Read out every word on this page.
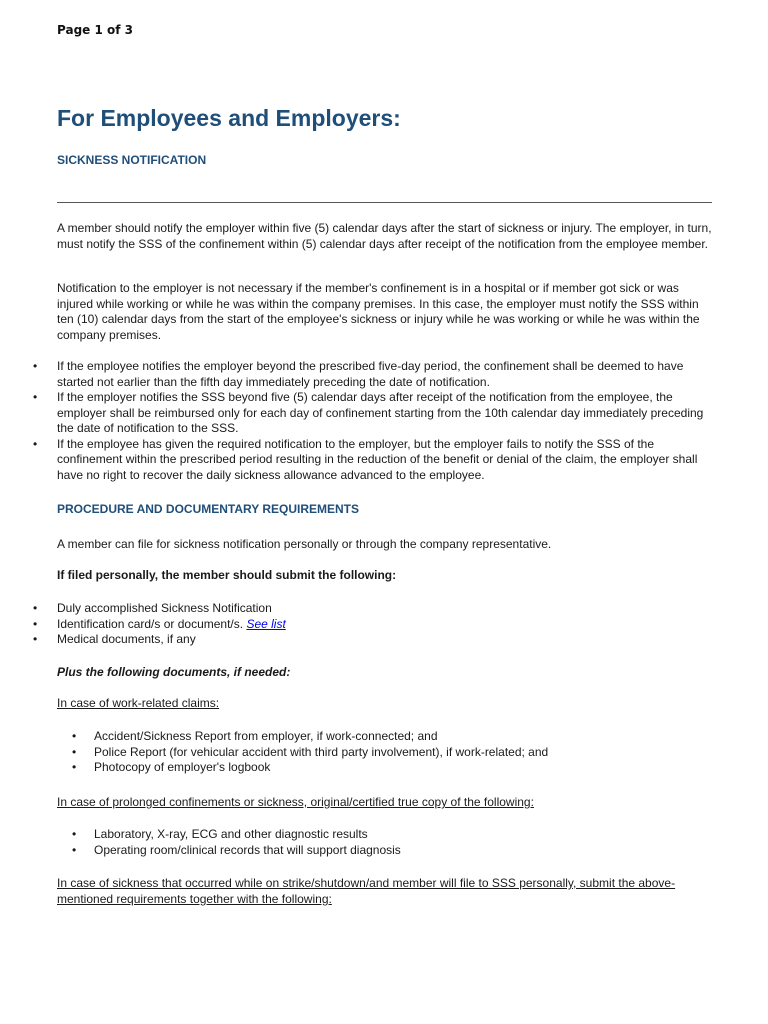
Page 1 of 3
For Employees and Employers:
SICKNESS NOTIFICATION

A member should notify the employer within five (5) calendar days after the start of sickness or injury. The employer, in turn, must notify the SSS of the confinement within (5) calendar days after receipt of the notification from the employee member.

Notification to the employer is not necessary if the member's confinement is in a hospital or if member got sick or was injured while working or while he was within the company premises. In this case, the employer must notify the SSS within ten (10) calendar days from the start of the employee's sickness or injury while he was working or while he was within the company premises.

• If the employee notifies the employer beyond the prescribed five-day period, the confinement shall be deemed to have started not earlier than the fifth day immediately preceding the date of notification.
• If the employer notifies the SSS beyond five (5) calendar days after receipt of the notification from the employee, the employer shall be reimbursed only for each day of confinement starting from the 10th calendar day immediately preceding the date of notification to the SSS.
• If the employee has given the required notification to the employer, but the employer fails to notify the SSS of the confinement within the prescribed period resulting in the reduction of the benefit or denial of the claim, the employer shall have no right to recover the daily sickness allowance advanced to the employee.
PROCEDURE AND DOCUMENTARY REQUIREMENTS

A member can file for sickness notification personally or through the company representative.

If filed personally, the member should submit the following:

• Duly accomplished Sickness Notification
• Identification card/s or document/s. See list
• Medical documents, if any

Plus the following documents, if needed:

In case of work-related claims:

• Accident/Sickness Report from employer, if work-connected; and
• Police Report (for vehicular accident with third party involvement), if work-related; and
• Photocopy of employer's logbook

In case of prolonged confinements or sickness, original/certified true copy of the following:

• Laboratory, X-ray, ECG and other diagnostic results
• Operating room/clinical records that will support diagnosis

In case of sickness that occurred while on strike/shutdown/and member will file to SSS personally, submit the above-mentioned requirements together with the following:
